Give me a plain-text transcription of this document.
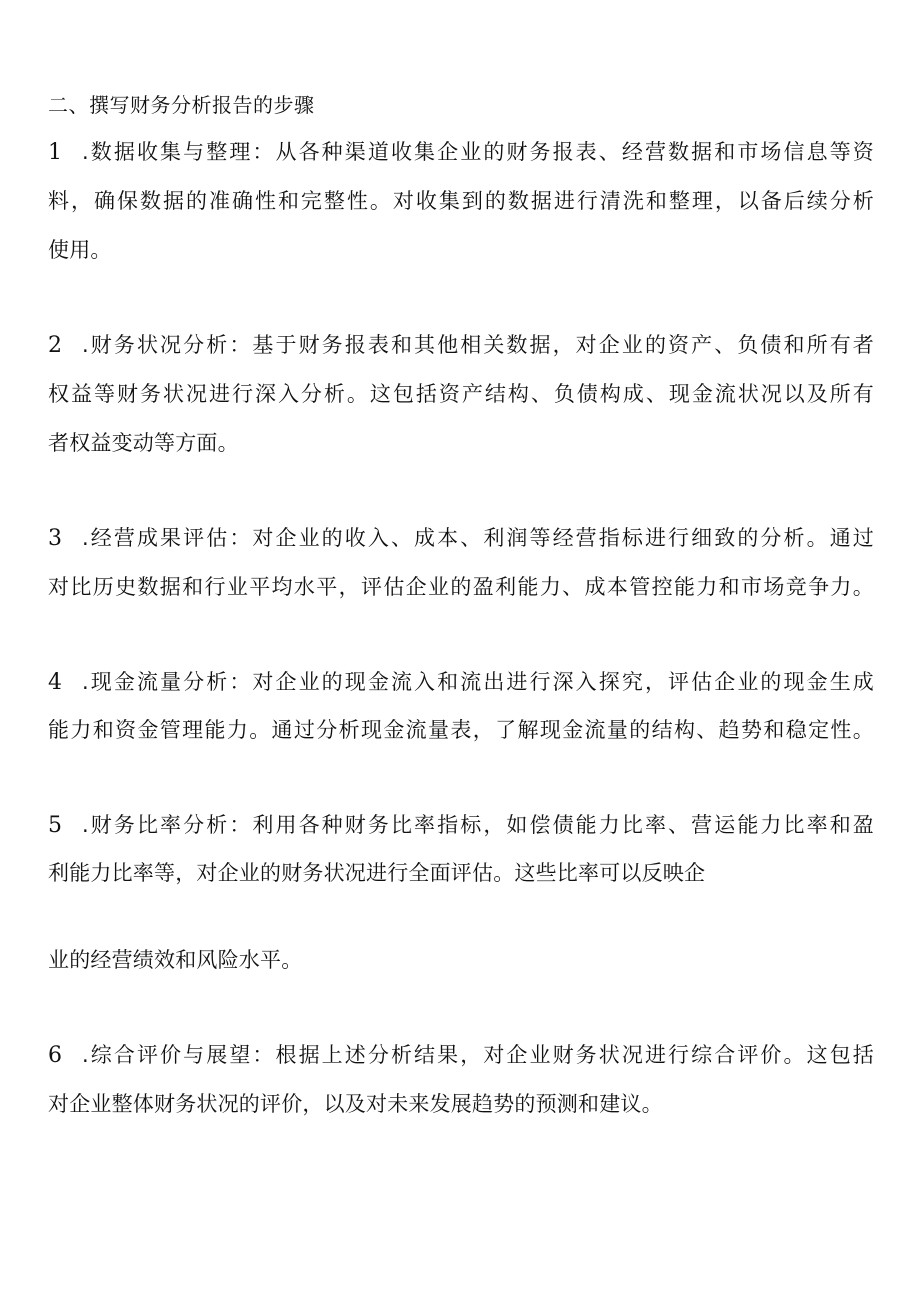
二、撰写财务分析报告的步骤
1 .数据收集与整理：从各种渠道收集企业的财务报表、经营数据和市场信息等资
料，确保数据的准确性和完整性。对收集到的数据进行清洗和整理，以备后续分析
使用。
2 .财务状况分析：基于财务报表和其他相关数据，对企业的资产、负债和所有者
权益等财务状况进行深入分析。这包括资产结构、负债构成、现金流状况以及所有
者权益变动等方面。
3 .经营成果评估：对企业的收入、成本、利润等经营指标进行细致的分析。通过
对比历史数据和行业平均水平，评估企业的盈利能力、成本管控能力和市场竞争力。
4 .现金流量分析：对企业的现金流入和流出进行深入探究，评估企业的现金生成
能力和资金管理能力。通过分析现金流量表，了解现金流量的结构、趋势和稳定性。
5 .财务比率分析：利用各种财务比率指标，如偿债能力比率、营运能力比率和盈
利能力比率等，对企业的财务状况进行全面评估。这些比率可以反映企
业的经营绩效和风险水平。
6 .综合评价与展望：根据上述分析结果，对企业财务状况进行综合评价。这包括
对企业整体财务状况的评价，以及对未来发展趋势的预测和建议。
